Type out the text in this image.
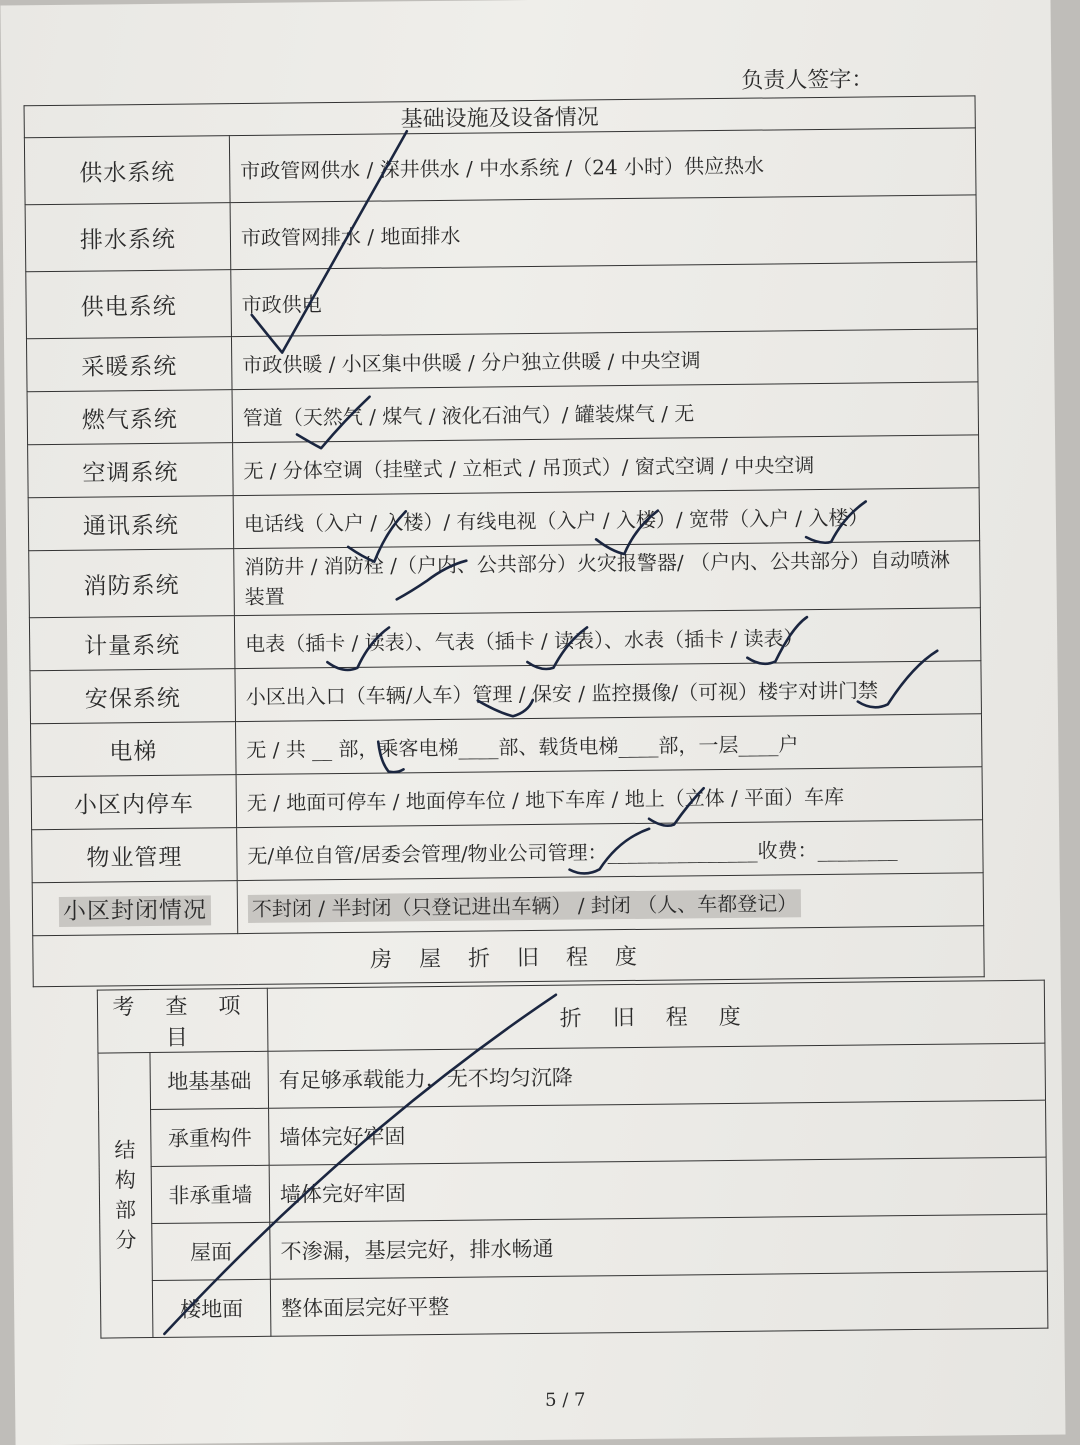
负责人签字：
基础设施及设备情况	
供水系统	市政管网供水 / 深井供水 / 中水系统 /（24 小时）供应热水
排水系统	市政管网排水 / 地面排水
供电系统	市政供电
采暖系统	市政供暖 / 小区集中供暖 / 分户独立供暖 / 中央空调
燃气系统	管道（天然气 / 煤气 / 液化石油气）/ 罐装煤气 / 无
空调系统	无 / 分体空调（挂壁式 / 立柜式 / 吊顶式）/ 窗式空调 / 中央空调
通讯系统	电话线（入户 / 入楼）/ 有线电视（入户 / 入楼）/ 宽带（入户 / 入楼）
消防系统	消防井 / 消防栓 /（户内、公共部分）火灾报警器/ （户内、公共部分）自动喷淋装置
计量系统	电表（插卡 / 读表）、气表（插卡 / 读表）、水表（插卡 / 读表）
安保系统	小区出入口（车辆/人车）管理 / 保安 / 监控摄像/（可视）楼宇对讲门禁
电梯	无 / 共 __ 部，乘客电梯____部、载货电梯____部，一层____户
小区内停车	无 / 地面可停车 / 地面停车位 / 地下车库 / 地上（立体 / 平面）车库
物业管理	无/单位自管/居委会管理/物业公司管理：_______________收费：________
小区封闭情况	不封闭 / 半封闭（只登记进出车辆） / 封闭 （人、车都登记）
房 屋 折 旧 程 度	
考 查 项 目		折 旧 程 度
结
构
部
分	地基基础	有足够承载能力，无不均匀沉降
	承重构件	墙体完好牢固
	非承重墙	墙体完好牢固
	屋面	不渗漏，基层完好，排水畅通
	楼地面	整体面层完好平整
5 / 7
